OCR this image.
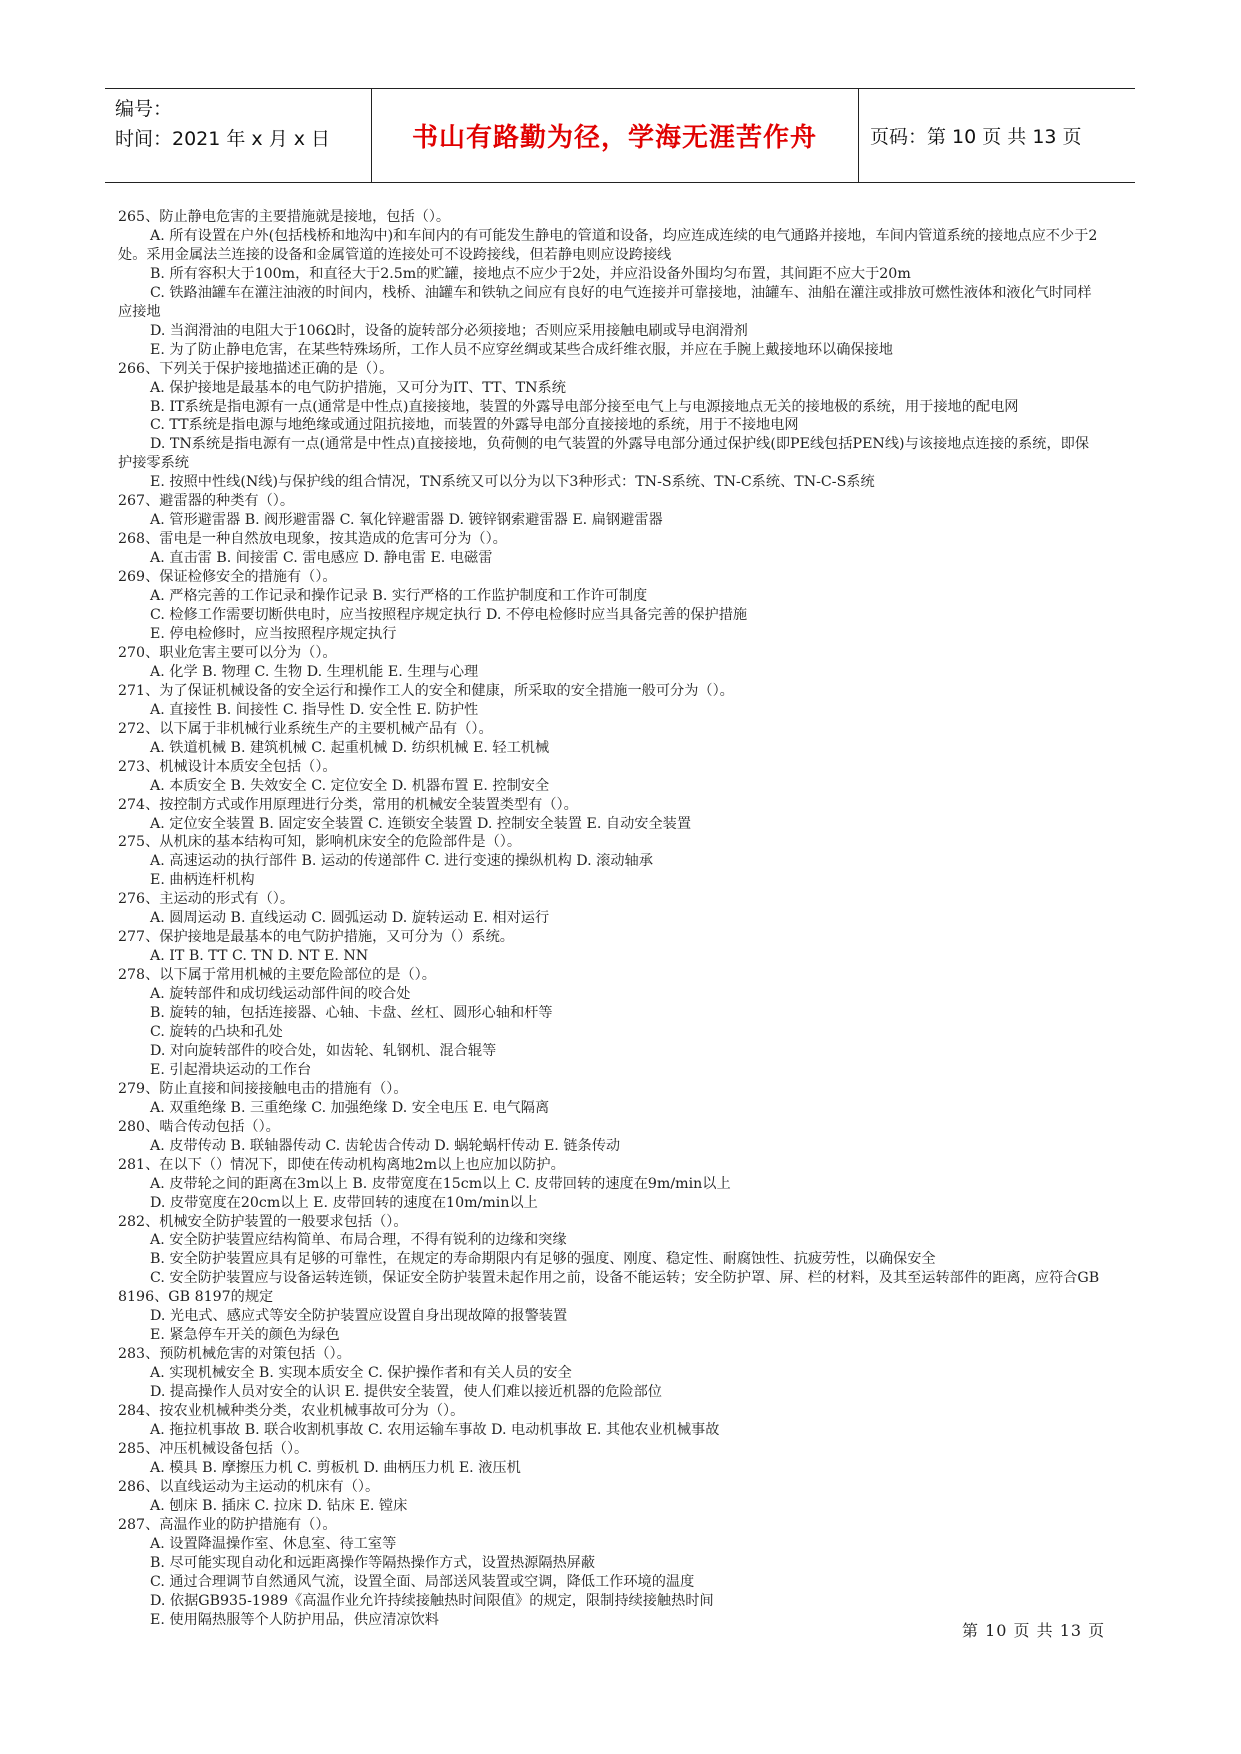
编号：
时间：2021 年 x 月 x 日	书山有路勤为径，学海无涯苦作舟	页码：第 10 页 共 13 页
265、防止静电危害的主要措施就是接地，包括（）。
A. 所有设置在户外(包括栈桥和地沟中)和车间内的有可能发生静电的管道和设备，均应连成连续的电气通路并接地，车间内管道系统的接地点应不少于2
处。采用金属法兰连接的设备和金属管道的连接处可不设跨接线，但若静电则应设跨接线
B. 所有容积大于100m，和直径大于2.5m的贮罐，接地点不应少于2处，并应沿设备外围均匀布置，其间距不应大于20m
C. 铁路油罐车在灌注油液的时间内，栈桥、油罐车和铁轨之间应有良好的电气连接并可靠接地，油罐车、油船在灌注或排放可燃性液体和液化气时同样
应接地
D. 当润滑油的电阻大于106Ω时，设备的旋转部分必须接地；否则应采用接触电刷或导电润滑剂
E. 为了防止静电危害，在某些特殊场所，工作人员不应穿丝绸或某些合成纤维衣服，并应在手腕上戴接地环以确保接地
266、下列关于保护接地描述正确的是（）。
A. 保护接地是最基本的电气防护措施，又可分为IT、TT、TN系统
B. IT系统是指电源有一点(通常是中性点)直接接地，装置的外露导电部分接至电气上与电源接地点无关的接地极的系统，用于接地的配电网
C. TT系统是指电源与地绝缘或通过阻抗接地，而装置的外露导电部分直接接地的系统，用于不接地电网
D. TN系统是指电源有一点(通常是中性点)直接接地，负荷侧的电气装置的外露导电部分通过保护线(即PE线包括PEN线)与该接地点连接的系统，即保
护接零系统
E. 按照中性线(N线)与保护线的组合情况，TN系统又可以分为以下3种形式：TN-S系统、TN-C系统、TN-C-S系统
267、避雷器的种类有（）。
A. 管形避雷器 B. 阀形避雷器 C. 氧化锌避雷器 D. 镀锌钢索避雷器 E. 扁钢避雷器
268、雷电是一种自然放电现象，按其造成的危害可分为（）。
A. 直击雷 B. 间接雷 C. 雷电感应 D. 静电雷 E. 电磁雷
269、保证检修安全的措施有（）。
A. 严格完善的工作记录和操作记录 B. 实行严格的工作监护制度和工作许可制度
C. 检修工作需要切断供电时，应当按照程序规定执行 D. 不停电检修时应当具备完善的保护措施
E. 停电检修时，应当按照程序规定执行
270、职业危害主要可以分为（）。
A. 化学 B. 物理 C. 生物 D. 生理机能 E. 生理与心理
271、为了保证机械设备的安全运行和操作工人的安全和健康，所采取的安全措施一般可分为（）。
A. 直接性 B. 间接性 C. 指导性 D. 安全性 E. 防护性
272、以下属于非机械行业系统生产的主要机械产品有（）。
A. 铁道机械 B. 建筑机械 C. 起重机械 D. 纺织机械 E. 轻工机械
273、机械设计本质安全包括（）。
A. 本质安全 B. 失效安全 C. 定位安全 D. 机器布置 E. 控制安全
274、按控制方式或作用原理进行分类，常用的机械安全装置类型有（）。
A. 定位安全装置 B. 固定安全装置 C. 连锁安全装置 D. 控制安全装置 E. 自动安全装置
275、从机床的基本结构可知，影响机床安全的危险部件是（）。
A. 高速运动的执行部件 B. 运动的传递部件 C. 进行变速的操纵机构 D. 滚动轴承
E. 曲柄连杆机构
276、主运动的形式有（）。
A. 圆周运动 B. 直线运动 C. 圆弧运动 D. 旋转运动 E. 相对运行
277、保护接地是最基本的电气防护措施，又可分为（）系统。
A. IT B. TT C. TN D. NT E. NN
278、以下属于常用机械的主要危险部位的是（）。
A. 旋转部件和成切线运动部件间的咬合处
B. 旋转的轴，包括连接器、心轴、卡盘、丝杠、圆形心轴和杆等
C. 旋转的凸块和孔处
D. 对向旋转部件的咬合处，如齿轮、轧钢机、混合辊等
E. 引起滑块运动的工作台
279、防止直接和间接接触电击的措施有（）。
A. 双重绝缘 B. 三重绝缘 C. 加强绝缘 D. 安全电压 E. 电气隔离
280、啮合传动包括（）。
A. 皮带传动 B. 联轴器传动 C. 齿轮齿合传动 D. 蜗轮蜗杆传动 E. 链条传动
281、在以下（）情况下，即使在传动机构离地2m以上也应加以防护。
A. 皮带轮之间的距离在3m以上 B. 皮带宽度在15cm以上 C. 皮带回转的速度在9m/min以上
D. 皮带宽度在20cm以上 E. 皮带回转的速度在10m/min以上
282、机械安全防护装置的一般要求包括（）。
A. 安全防护装置应结构简单、布局合理，不得有锐利的边缘和突缘
B. 安全防护装置应具有足够的可靠性，在规定的寿命期限内有足够的强度、刚度、稳定性、耐腐蚀性、抗疲劳性，以确保安全
C. 安全防护装置应与设备运转连锁，保证安全防护装置未起作用之前，设备不能运转；安全防护罩、屏、栏的材料，及其至运转部件的距离，应符合GB
8196、GB 8197的规定
D. 光电式、感应式等安全防护装置应设置自身出现故障的报警装置
E. 紧急停车开关的颜色为绿色
283、预防机械危害的对策包括（）。
A. 实现机械安全 B. 实现本质安全 C. 保护操作者和有关人员的安全
D. 提高操作人员对安全的认识 E. 提供安全装置，使人们难以接近机器的危险部位
284、按农业机械种类分类，农业机械事故可分为（）。
A. 拖拉机事故 B. 联合收割机事故 C. 农用运输车事故 D. 电动机事故 E. 其他农业机械事故
285、冲压机械设备包括（）。
A. 模具 B. 摩擦压力机 C. 剪板机 D. 曲柄压力机 E. 液压机
286、以直线运动为主运动的机床有（）。
A. 刨床 B. 插床 C. 拉床 D. 钻床 E. 镗床
287、高温作业的防护措施有（）。
A. 设置降温操作室、休息室、待工室等
B. 尽可能实现自动化和远距离操作等隔热操作方式，设置热源隔热屏蔽
C. 通过合理调节自然通风气流，设置全面、局部送风装置或空调，降低工作环境的温度
D. 依据GB935-1989《高温作业允许持续接触热时间限值》的规定，限制持续接触热时间
E. 使用隔热服等个人防护用品，供应清凉饮料
第 10 页 共 13 页
